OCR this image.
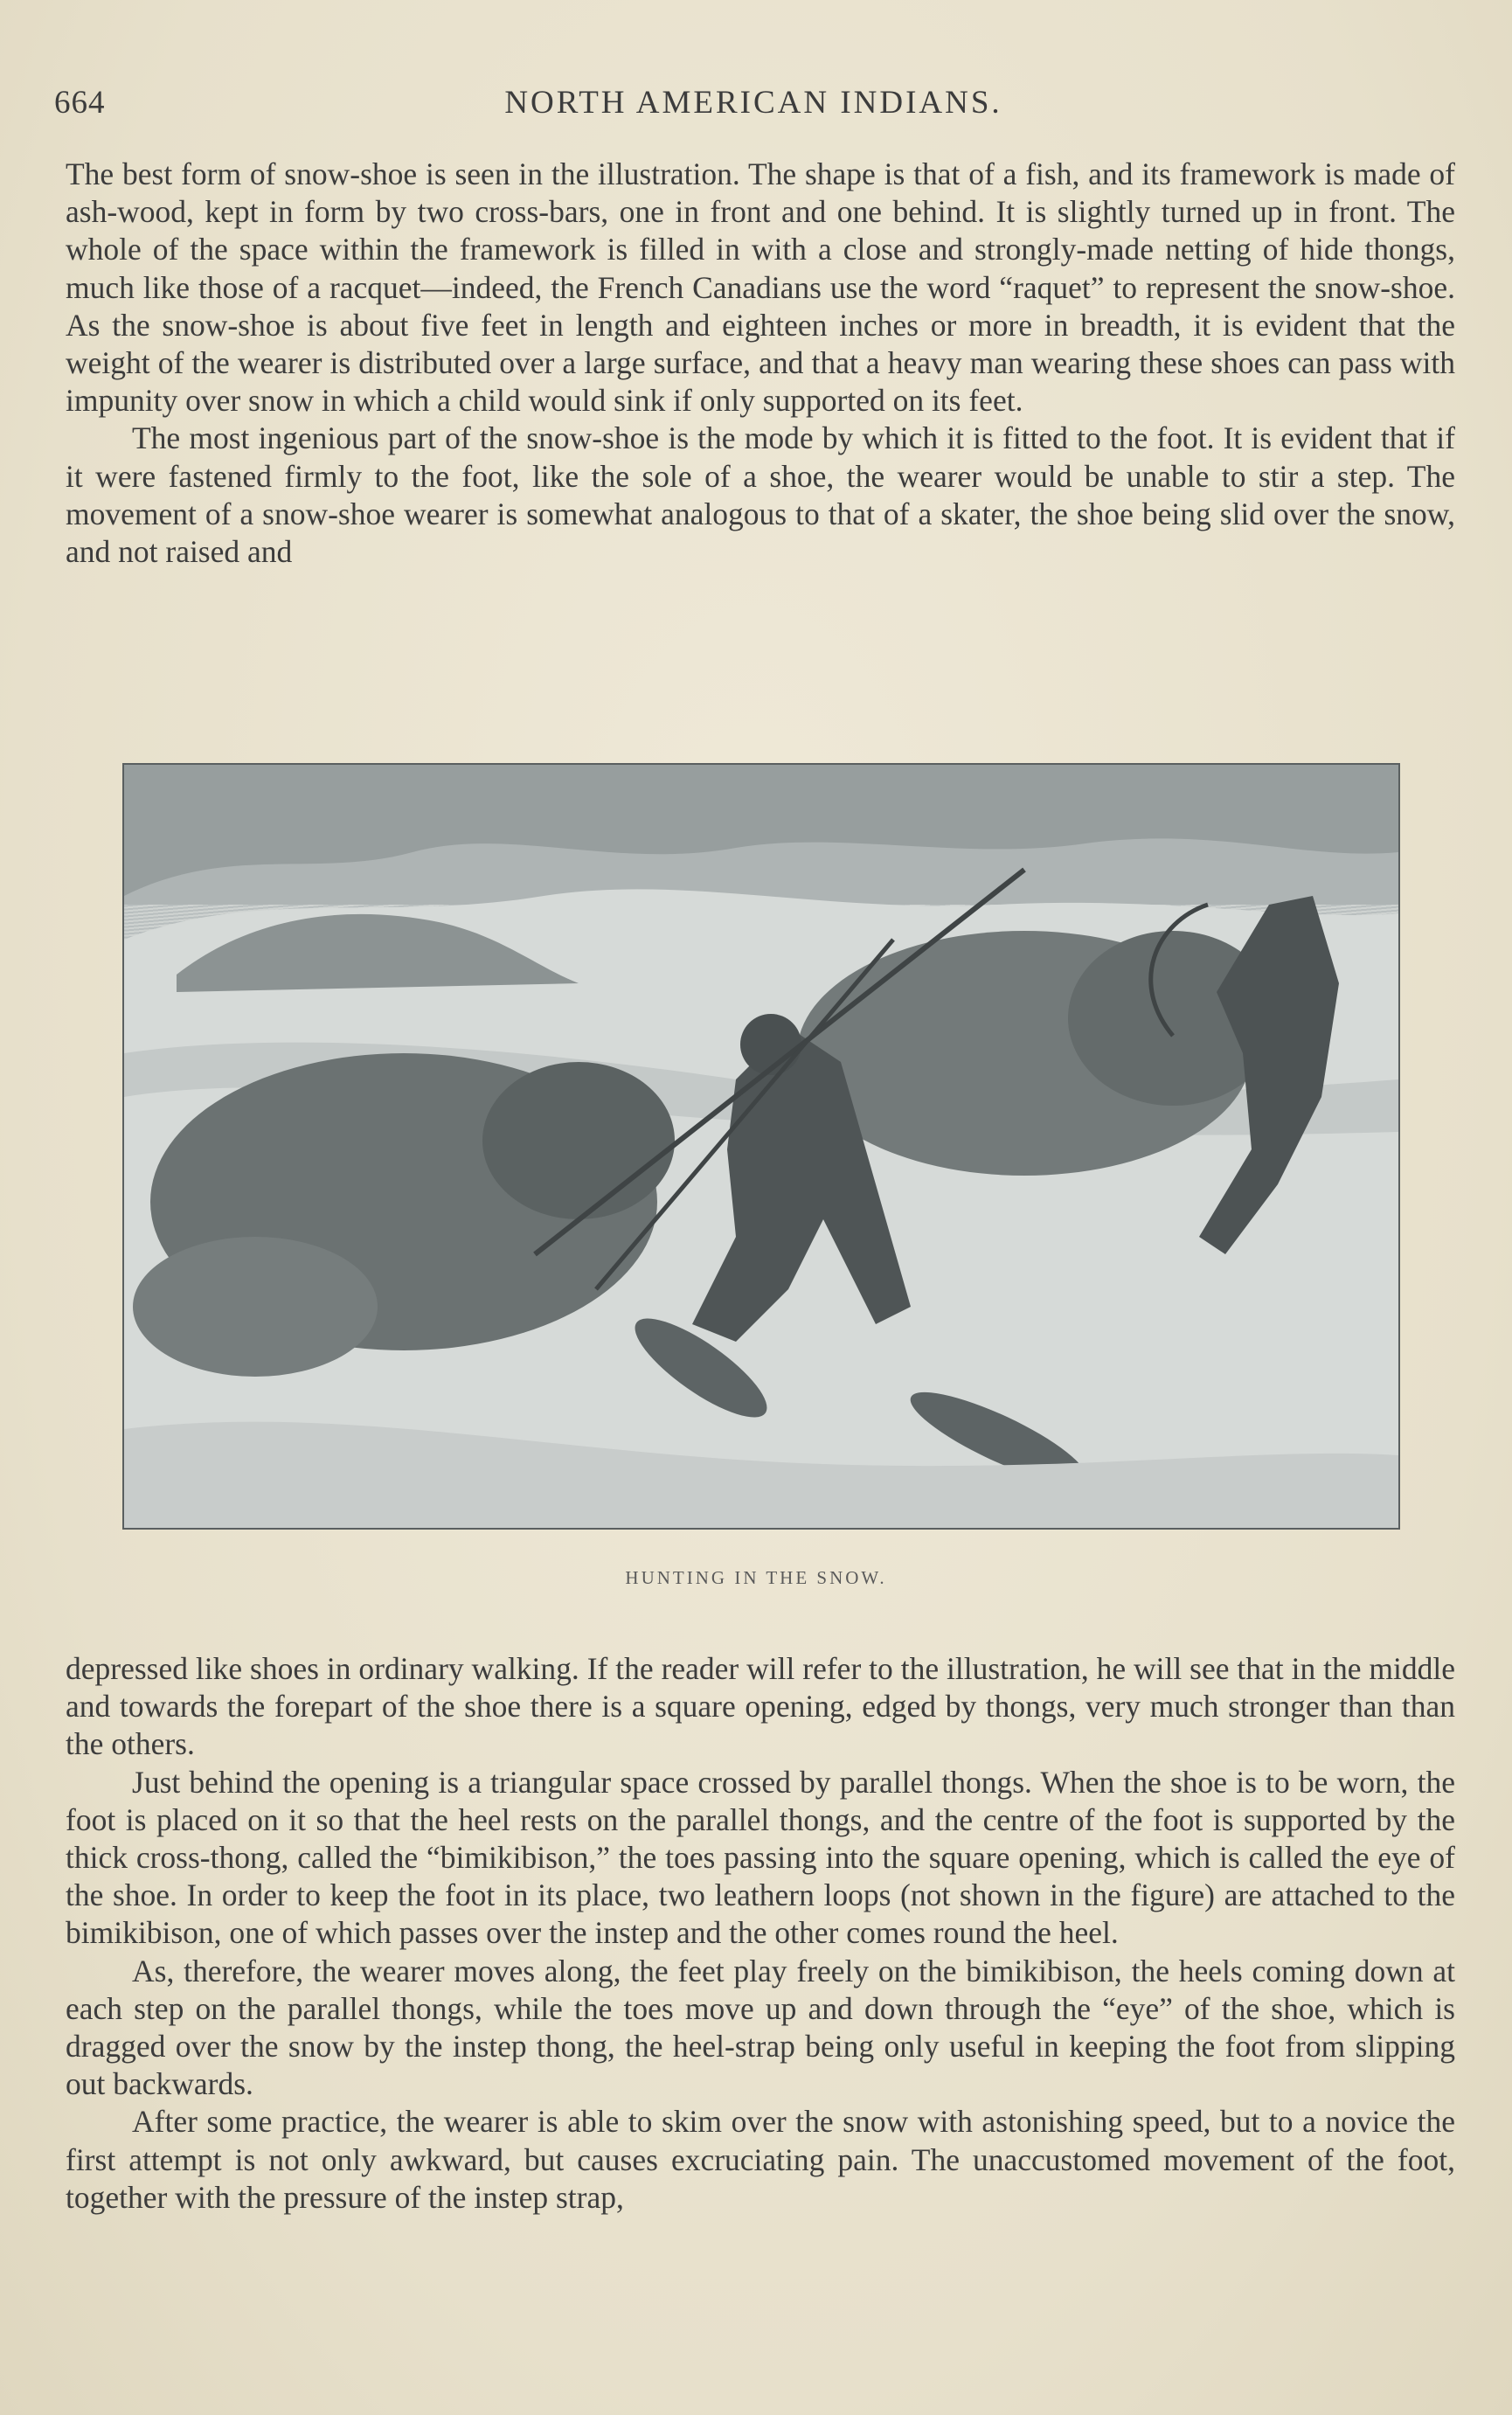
664	NORTH AMERICAN INDIANS.

The best form of snow-shoe is seen in the illustration. The shape is that of a fish, and its framework is made of ash-wood, kept in form by two cross-bars, one in front and one behind. It is slightly turned up in front. The whole of the space within the framework is filled in with a close and strongly-made netting of hide thongs, much like those of a racquet—indeed, the French Canadians use the word “raquet” to represent the snow-shoe. As the snow-shoe is about five feet in length and eighteen inches or more in breadth, it is evident that the weight of the wearer is distributed over a large surface, and that a heavy man wearing these shoes can pass with impunity over snow in which a child would sink if only supported on its feet.

The most ingenious part of the snow-shoe is the mode by which it is fitted to the foot. It is evident that if it were fastened firmly to the foot, like the sole of a shoe, the wearer would be unable to stir a step. The movement of a snow-shoe wearer is somewhat analogous to that of a skater, the shoe being slid over the snow, and not raised and

HUNTING IN THE SNOW.

depressed like shoes in ordinary walking. If the reader will refer to the illustration, he will see that in the middle and towards the forepart of the shoe there is a square opening, edged by thongs, very much stronger than than the others.

Just behind the opening is a triangular space crossed by parallel thongs. When the shoe is to be worn, the foot is placed on it so that the heel rests on the parallel thongs, and the centre of the foot is supported by the thick cross-thong, called the “bimikibison,” the toes passing into the square opening, which is called the eye of the shoe. In order to keep the foot in its place, two leathern loops (not shown in the figure) are attached to the bimikibison, one of which passes over the instep and the other comes round the heel.

As, therefore, the wearer moves along, the feet play freely on the bimikibison, the heels coming down at each step on the parallel thongs, while the toes move up and down through the “eye” of the shoe, which is dragged over the snow by the instep thong, the heel-strap being only useful in keeping the foot from slipping out backwards.

After some practice, the wearer is able to skim over the snow with astonishing speed, but to a novice the first attempt is not only awkward, but causes excruciating pain. The unaccustomed movement of the foot, together with the pressure of the instep strap,
